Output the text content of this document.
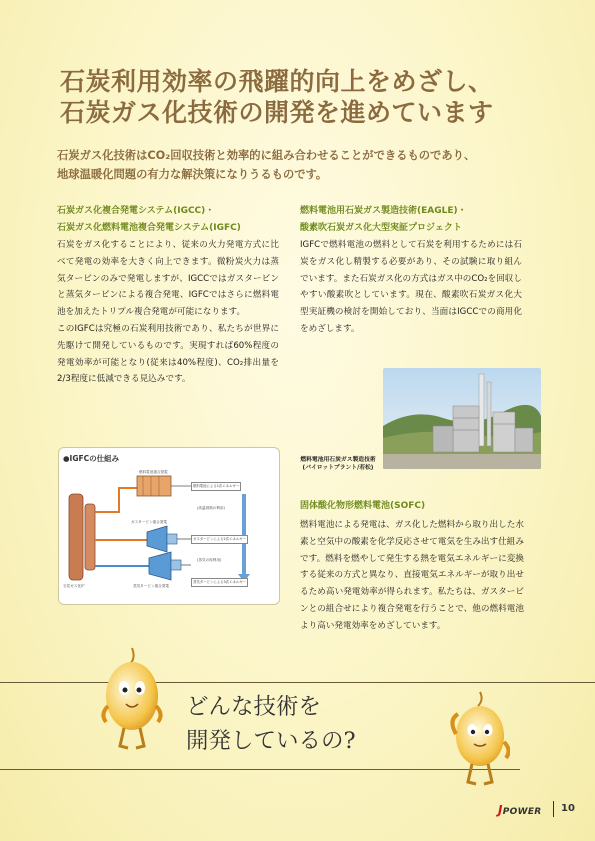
石炭利用効率の飛躍的向上をめざし、
石炭ガス化技術の開発を進めています
石炭ガス化技術はCO₂回収技術と効率的に組み合わせることができるものであり、
地球温暖化問題の有力な解決策になりうるものです。
石炭ガス化複合発電システム(IGCC)・
石炭ガス化燃料電池複合発電システム(IGFC)

石炭をガス化することにより、従来の火力発電方式に比べて発電の効率を大きく向上できます。微粉炭火力は蒸気タービンのみで発電しますが、IGCCではガスタービンと蒸気タービンによる複合発電、IGFCではさらに燃料電池を加えたトリプル複合発電が可能になります。

このIGFCは究極の石炭利用技術であり、私たちが世界に先駆けて開発しているものです。実現すれば60%程度の発電効率が可能となり(従来は40%程度)、CO₂排出量を2/3程度に低減できる見込みです。

●IGFCの仕組み
燃料電池による1次エネルギー
ガスタービンによる2次エネルギー
蒸気タービンによる3次エネルギー
(高温排熱の利用)
(蒸気の再利用)
燃料電池複合発電
ガスタービン複合発電
蒸気タービン複合発電
石炭ガス化炉
燃料電池用石炭ガス製造技術(EAGLE)・
酸素吹石炭ガス化大型実証プロジェクト

IGFCで燃料電池の燃料として石炭を利用するためには石炭をガス化し精製する必要があり、その試験に取り組んでいます。また石炭ガス化の方式はガス中のCO₂を回収しやすい酸素吹としています。現在、酸素吹石炭ガス化大型実証機の検討を開始しており、当面はIGCCでの商用化をめざします。

燃料電池用石炭ガス製造技術
(パイロットプラント/若松)
固体酸化物形燃料電池(SOFC)

燃料電池による発電は、ガス化した燃料から取り出した水素と空気中の酸素を化学反応させて電気を生み出す仕組みです。燃料を燃やして発生する熱を電気エネルギーに変換する従来の方式と異なり、直接電気エネルギーが取り出せるため高い発電効率が得られます。私たちは、ガスタービンとの組合せにより複合発電を行うことで、他の燃料電池より高い発電効率をめざしています。

どんな技術を
開発しているの?
JPOWER 10
